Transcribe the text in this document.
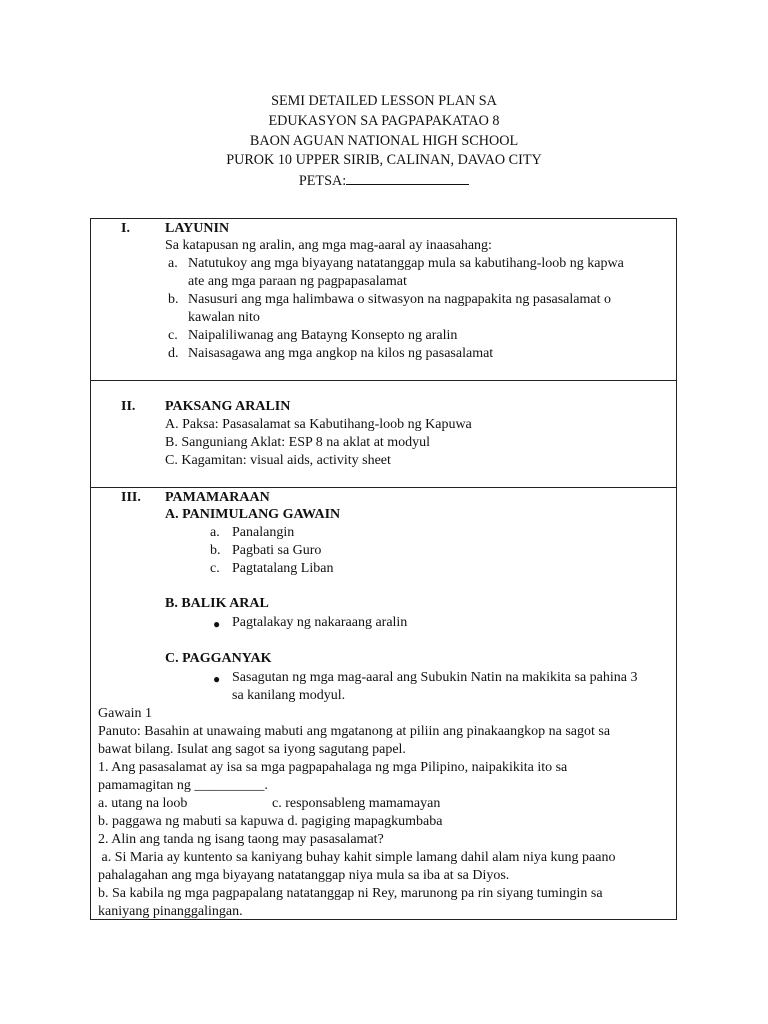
SEMI DETAILED LESSON PLAN SA
EDUKASYON SA PAGPAPAKATAO 8
BAON AGUAN NATIONAL HIGH SCHOOL
PUROK 10 UPPER SIRIB, CALINAN, DAVAO CITY
PETSA:
I.	LAYUNIN
Sa katapusan ng aralin, ang mga mag-aaral ay inaasahang:
a. Natutukoy ang mga biyayang natatanggap mula sa kabutihang-loob ng kapwa
ate ang mga paraan ng pagpapasalamat
b. Nasusuri ang mga halimbawa o sitwasyon na nagpapakita ng pasasalamat o
kawalan nito
c. Naipaliliwanag ang Batayng Konsepto ng aralin
d. Naisasagawa ang mga angkop na kilos ng pasasalamat
II. PAKSANG ARALIN
A. Paksa: Pasasalamat sa Kabutihang-loob ng Kapuwa
B. Sanguniang Aklat: ESP 8 na aklat at modyul
C. Kagamitan: visual aids, activity sheet
III. PAMAMARAAN
A. PANIMULANG GAWAIN
a. Panalangin
b. Pagbati sa Guro
c. Pagtatalang Liban
B. BALIK ARAL
● Pagtalakay ng nakaraang aralin
C. PAGGANYAK
● Sasagutan ng mga mag-aaral ang Subukin Natin na makikita sa pahina 3
sa kanilang modyul.
Gawain 1
Panuto: Basahin at unawaing mabuti ang mgatanong at piliin ang pinakaangkop na sagot sa
bawat bilang. Isulat ang sagot sa iyong sagutang papel.
1. Ang pasasalamat ay isa sa mga pagpapahalaga ng mga Pilipino, naipakikita ito sa
pamamagitan ng __________.
a. utang na loob	c. responsableng mamamayan
b. paggawa ng mabuti sa kapuwa d. pagiging mapagkumbaba
2. Alin ang tanda ng isang taong may pasasalamat?
a. Si Maria ay kuntento sa kaniyang buhay kahit simple lamang dahil alam niya kung paano
pahalagahan ang mga biyayang natatanggap niya mula sa iba at sa Diyos.
b. Sa kabila ng mga pagpapalang natatanggap ni Rey, marunong pa rin siyang tumingin sa
kaniyang pinanggalingan.
